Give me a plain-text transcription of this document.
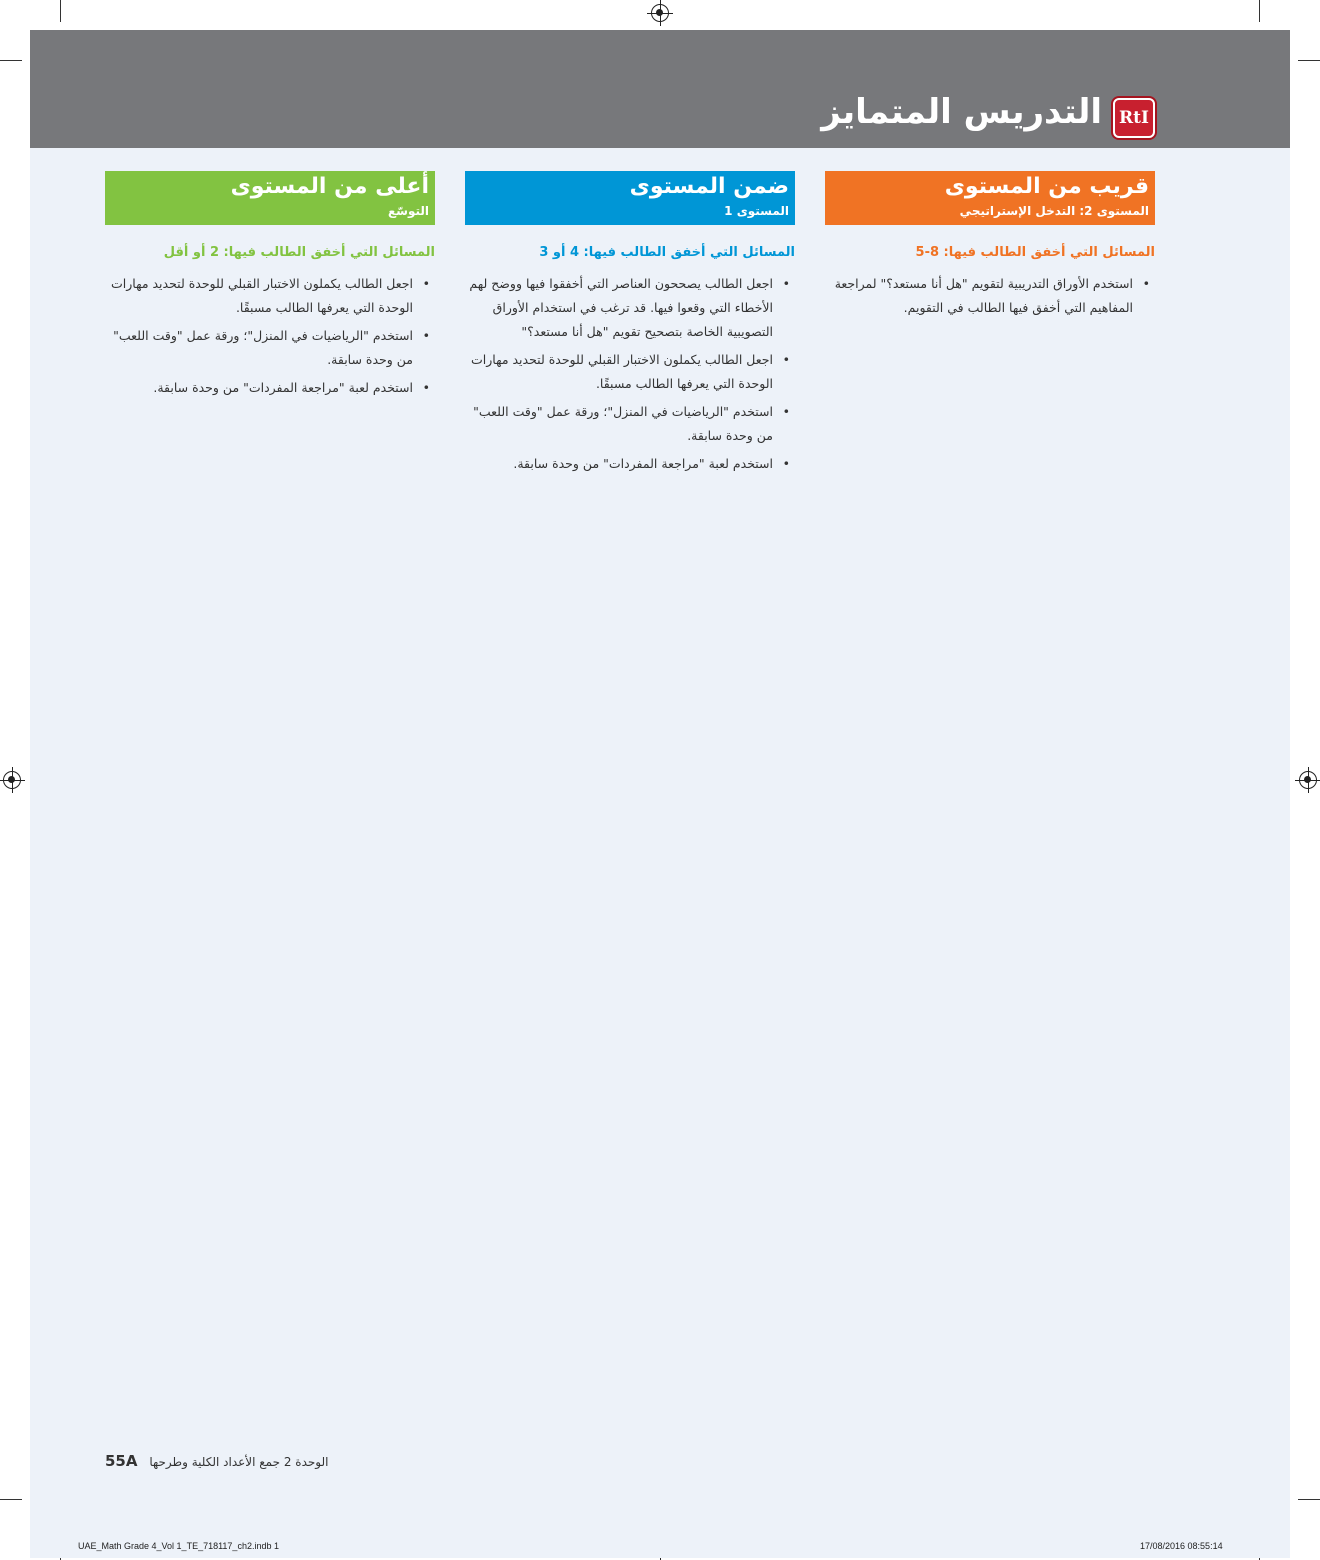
RtI
التدريس المتمايز
قريب من المستوى
المستوى 2: التدخل الإستراتيجي
المسائل التي أخفق الطالب فيها: 8-5
• استخدم الأوراق التدريبية لتقويم "هل أنا مستعد؟" لمراجعة المفاهيم التي أخفق فيها الطالب في التقويم.
ضمن المستوى
المستوى 1
المسائل التي أخفق الطالب فيها: 4 أو 3
• اجعل الطالب يصححون العناصر التي أخفقوا فيها ووضح لهم الأخطاء التي وقعوا فيها. قد ترغب في استخدام الأوراق التصويبية الخاصة بتصحيح تقويم "هل أنا مستعد؟"
• اجعل الطالب يكملون الاختبار القبلي للوحدة لتحديد مهارات الوحدة التي يعرفها الطالب مسبقًا.
• استخدم "الرياضيات في المنزل"؛ ورقة عمل "وقت اللعب" من وحدة سابقة.
• استخدم لعبة "مراجعة المفردات" من وحدة سابقة.
أعلى من المستوى
التوسّع
المسائل التي أخفق الطالب فيها: 2 أو أقل
• اجعل الطالب يكملون الاختبار القبلي للوحدة لتحديد مهارات الوحدة التي يعرفها الطالب مسبقًا.
• استخدم "الرياضيات في المنزل"؛ ورقة عمل "وقت اللعب" من وحدة سابقة.
• استخدم لعبة "مراجعة المفردات" من وحدة سابقة.
الوحدة 2 جمع الأعداد الكلية وطرحها 55A
UAE_Math Grade 4_Vol 1_TE_718117_ch2.indb 1	17/08/2016 08:55:14
